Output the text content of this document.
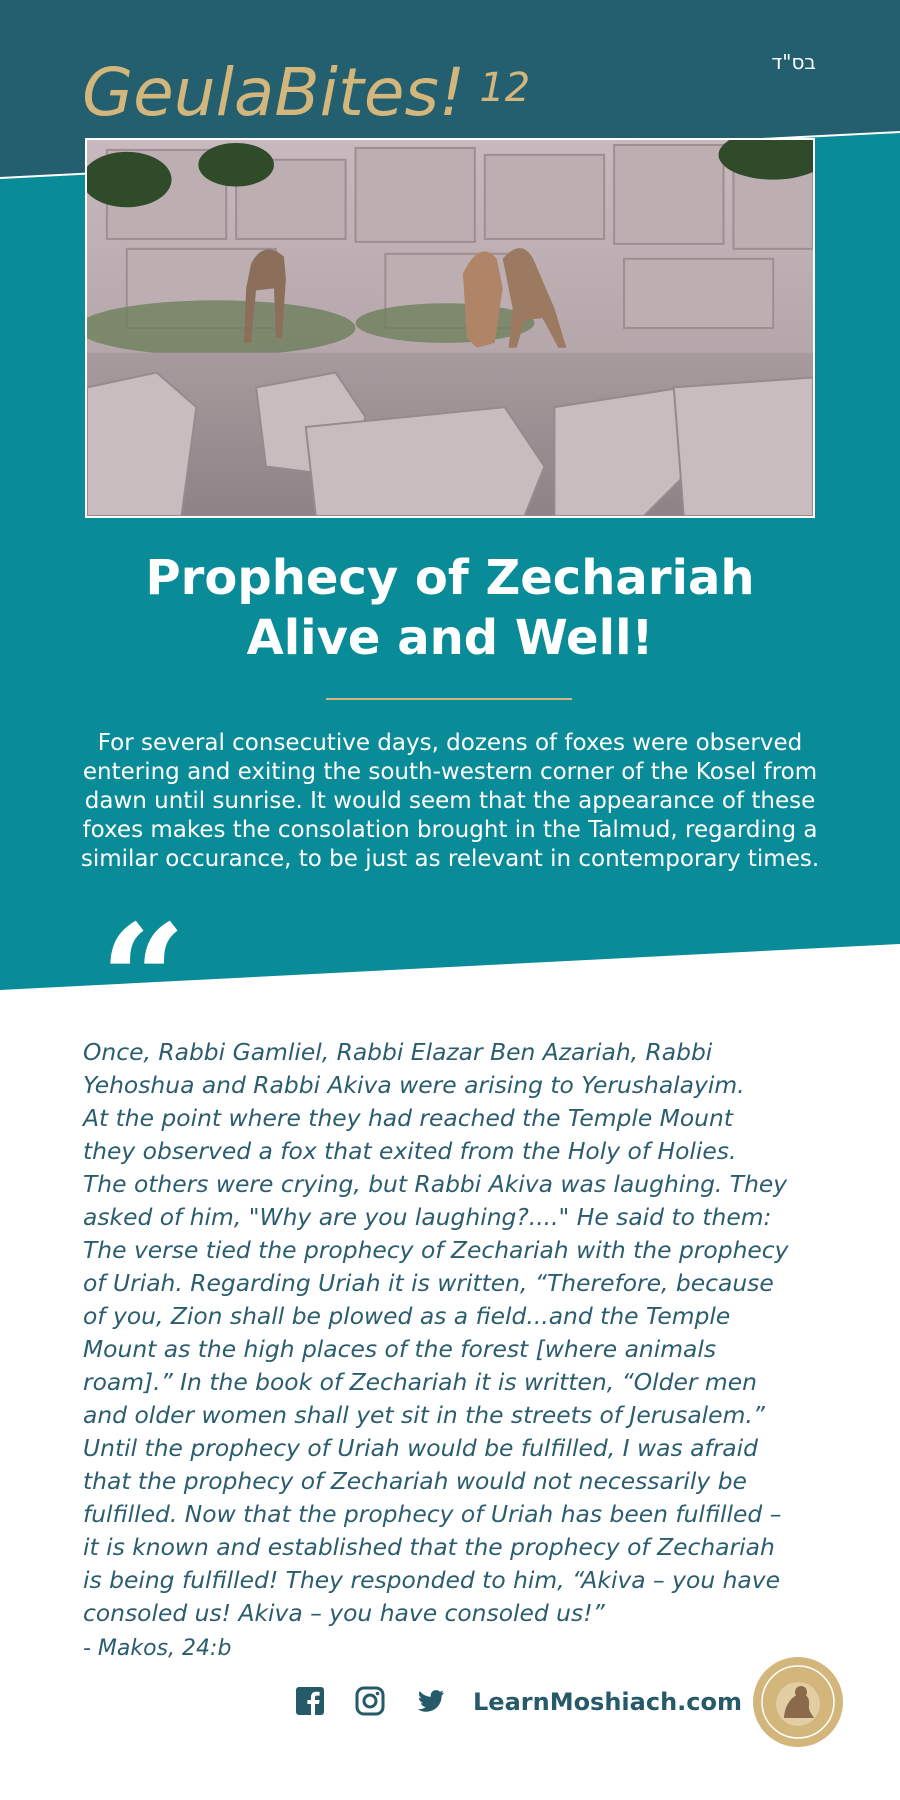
GeulaBites! $^{12}$
בס"ד
Prophecy of Zechariah
Alive and Well!
For several consecutive days, dozens of foxes were observed entering and exiting the south-western corner of the Kosel from dawn until sunrise. It would seem that the appearance of these foxes makes the consolation brought in the Talmud, regarding a similar occurance, to be just as relevant in contemporary times.
“
Once, Rabbi Gamliel, Rabbi Elazar Ben Azariah, Rabbi
Yehoshua and Rabbi Akiva were arising to Yerushalayim.
At the point where they had reached the Temple Mount
they observed a fox that exited from the Holy of Holies.
The others were crying, but Rabbi Akiva was laughing. They
asked of him, "Why are you laughing?...." He said to them:
The verse tied the prophecy of Zechariah with the prophecy
of Uriah. Regarding Uriah it is written, “Therefore, because
of you, Zion shall be plowed as a field...and the Temple
Mount as the high places of the forest [where animals
roam].” In the book of Zechariah it is written, “Older men
and older women shall yet sit in the streets of Jerusalem.”
Until the prophecy of Uriah would be fulfilled, I was afraid
that the prophecy of Zechariah would not necessarily be
fulfilled. Now that the prophecy of Uriah has been fulfilled –
it is known and established that the prophecy of Zechariah
is being fulfilled! They responded to him, “Akiva – you have
consoled us! Akiva – you have consoled us!”
- Makos, 24:b
LearnMoshiach.com
